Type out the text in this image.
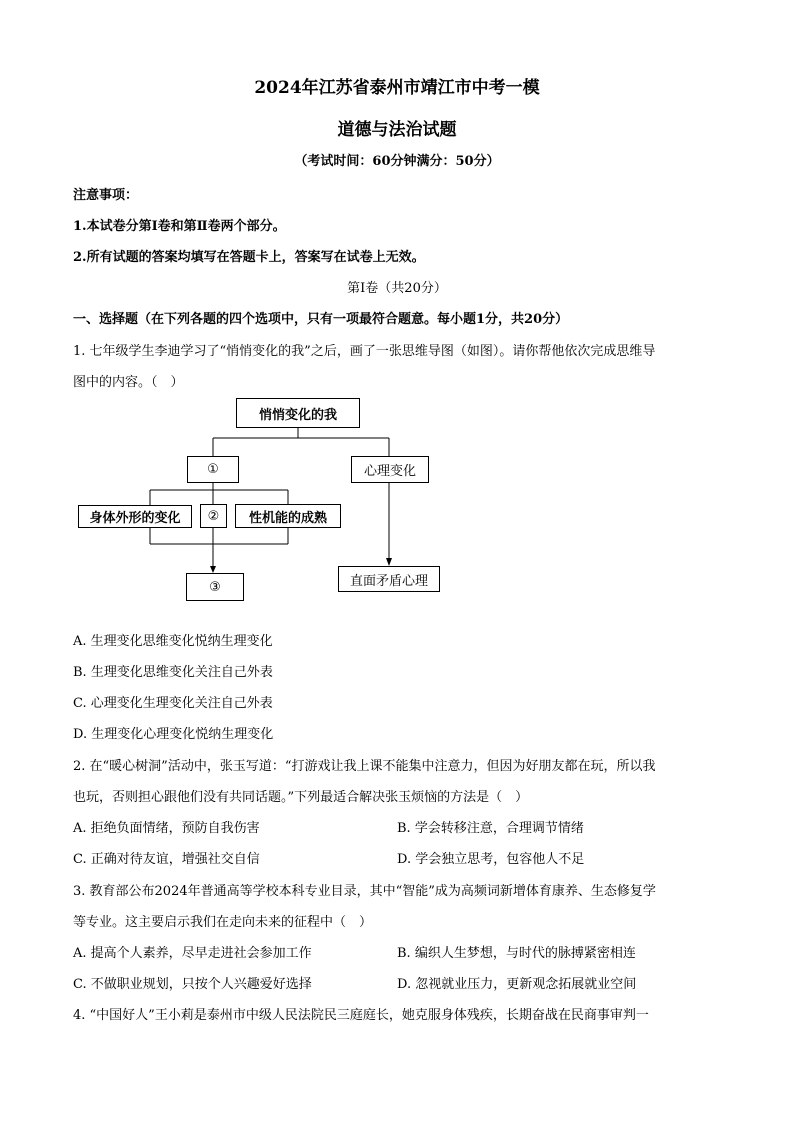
2024年江苏省泰州市靖江市中考一模
道德与法治试题
（考试时间：60分钟满分：50分）
注意事项：
1.本试卷分第Ⅰ卷和第Ⅱ卷两个部分。
2.所有试题的答案均填写在答题卡上，答案写在试卷上无效。
第Ⅰ卷（共20分）
一、选择题（在下列各题的四个选项中，只有一项最符合题意。每小题1分，共20分）
1. 七年级学生李迪学习了“悄悄变化的我”之后，画了一张思维导图（如图）。请你帮他依次完成思维导
图中的内容。（　）
悄悄变化的我
①	心理变化
身体外形的变化	②	性机能的成熟
③	直面矛盾心理
A. 生理变化思维变化悦纳生理变化
B. 生理变化思维变化关注自己外表
C. 心理变化生理变化关注自己外表
D. 生理变化心理变化悦纳生理变化
2. 在“暖心树洞”活动中，张玉写道：“打游戏让我上课不能集中注意力，但因为好朋友都在玩，所以我
也玩，否则担心跟他们没有共同话题。”下列最适合解决张玉烦恼的方法是（　）
A. 拒绝负面情绪，预防自我伤害	B. 学会转移注意，合理调节情绪
C. 正确对待友谊，增强社交自信	D. 学会独立思考，包容他人不足
3. 教育部公布2024年普通高等学校本科专业目录，其中“智能”成为高频词新增体育康养、生态修复学
等专业。这主要启示我们在走向未来的征程中（　）
A. 提高个人素养，尽早走进社会参加工作	B. 编织人生梦想，与时代的脉搏紧密相连
C. 不做职业规划，只按个人兴趣爱好选择	D. 忽视就业压力，更新观念拓展就业空间
4. “中国好人”王小莉是泰州市中级人民法院民三庭庭长，她克服身体残疾，长期奋战在民商事审判一
